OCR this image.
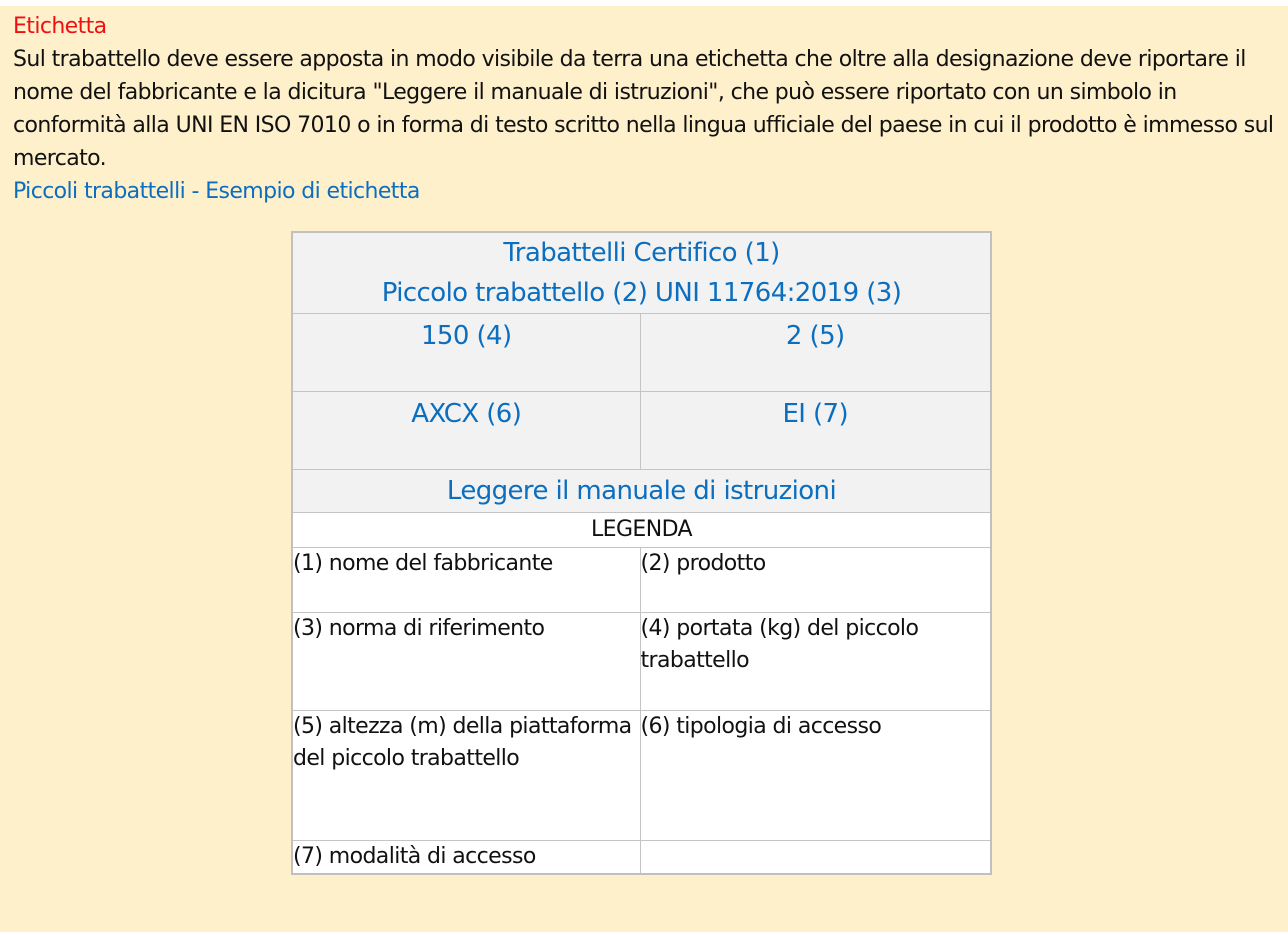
Etichetta

Sul trabattello deve essere apposta in modo visibile da terra una etichetta che oltre alla designazione deve riportare il nome del fabbricante e la dicitura "Leggere il manuale di istruzioni", che può essere riportato con un simbolo in conformità alla UNI EN ISO 7010 o in forma di testo scritto nella lingua ufficiale del paese in cui il prodotto è immesso sul mercato.

Piccoli trabattelli - Esempio di etichetta

Trabattelli Certifico (1)
Piccolo trabattello (2) UNI 11764:2019 (3)	

150 (4)	2 (5)
AXCX (6)	EI (7)
Leggere il manuale di istruzioni	
LEGENDA	
(1) nome del fabbricante	(2) prodotto
(3) norma di riferimento	(4) portata (kg) del piccolo trabattello
(5) altezza (m) della piattaforma del piccolo trabattello	(6) tipologia di accesso
(7) modalità di accesso	
